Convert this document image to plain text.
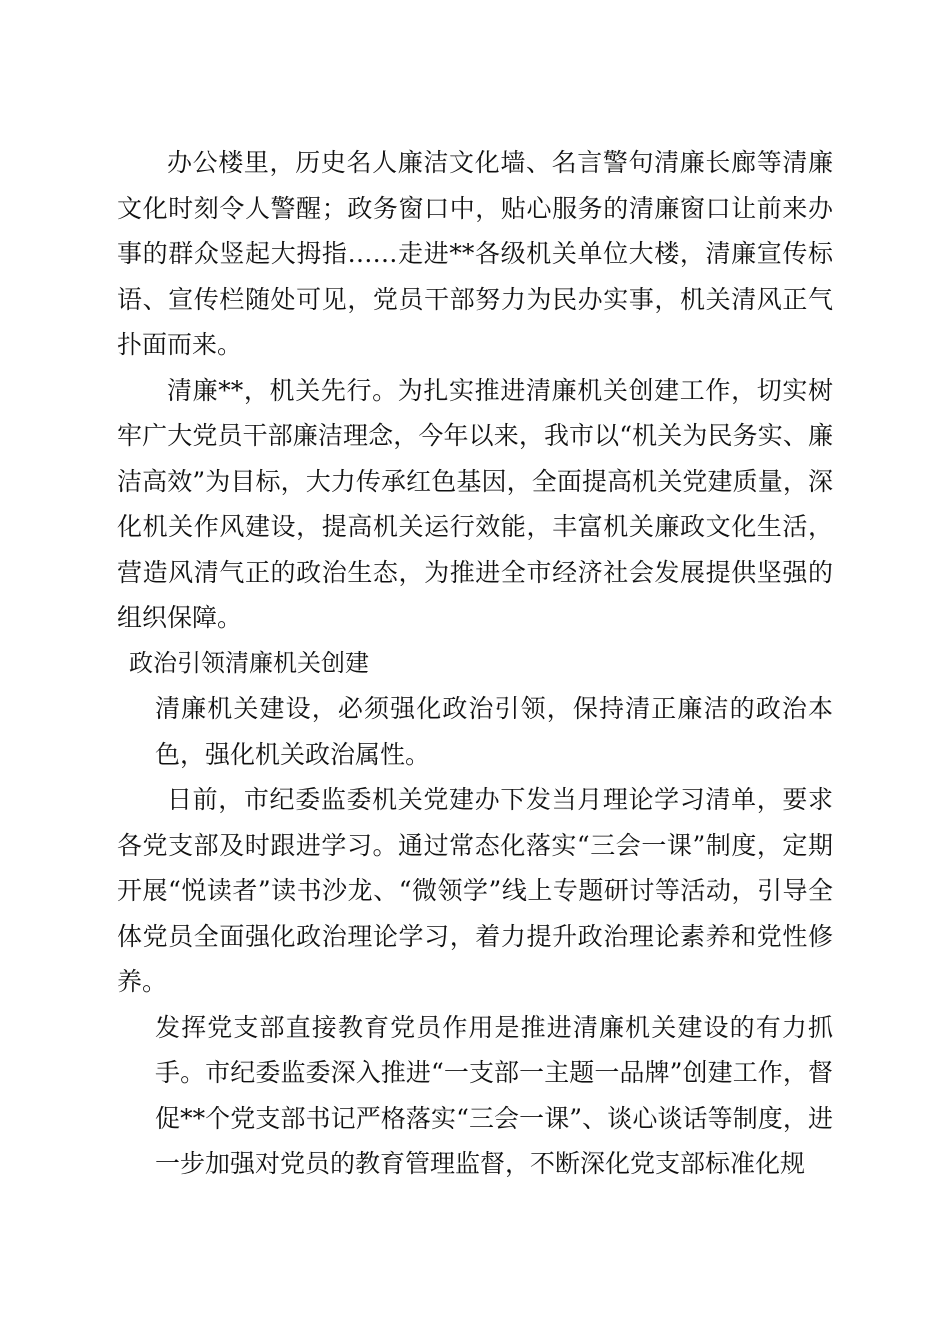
办公楼里，历史名人廉洁文化墙、名言警句清廉长廊等清廉文化时刻令人警醒；政务窗口中，贴心服务的清廉窗口让前来办事的群众竖起大拇指……走进**各级机关单位大楼，清廉宣传标语、宣传栏随处可见，党员干部努力为民办实事，机关清风正气扑面而来。

清廉**，机关先行。为扎实推进清廉机关创建工作，切实树牢广大党员干部廉洁理念，今年以来，我市以“机关为民务实、廉洁高效”为目标，大力传承红色基因，全面提高机关党建质量，深化机关作风建设，提高机关运行效能，丰富机关廉政文化生活，营造风清气正的政治生态，为推进全市经济社会发展提供坚强的组织保障。

政治引领清廉机关创建

清廉机关建设，必须强化政治引领，保持清正廉洁的政治本色，强化机关政治属性。

日前，市纪委监委机关党建办下发当月理论学习清单，要求各党支部及时跟进学习。通过常态化落实“三会一课”制度，定期开展“悦读者”读书沙龙、“微领学”线上专题研讨等活动，引导全体党员全面强化政治理论学习，着力提升政治理论素养和党性修养。

发挥党支部直接教育党员作用是推进清廉机关建设的有力抓手。市纪委监委深入推进“一支部一主题一品牌”创建工作，督促**个党支部书记严格落实“三会一课”、谈心谈话等制度，进一步加强对党员的教育管理监督，不断深化党支部标准化规
